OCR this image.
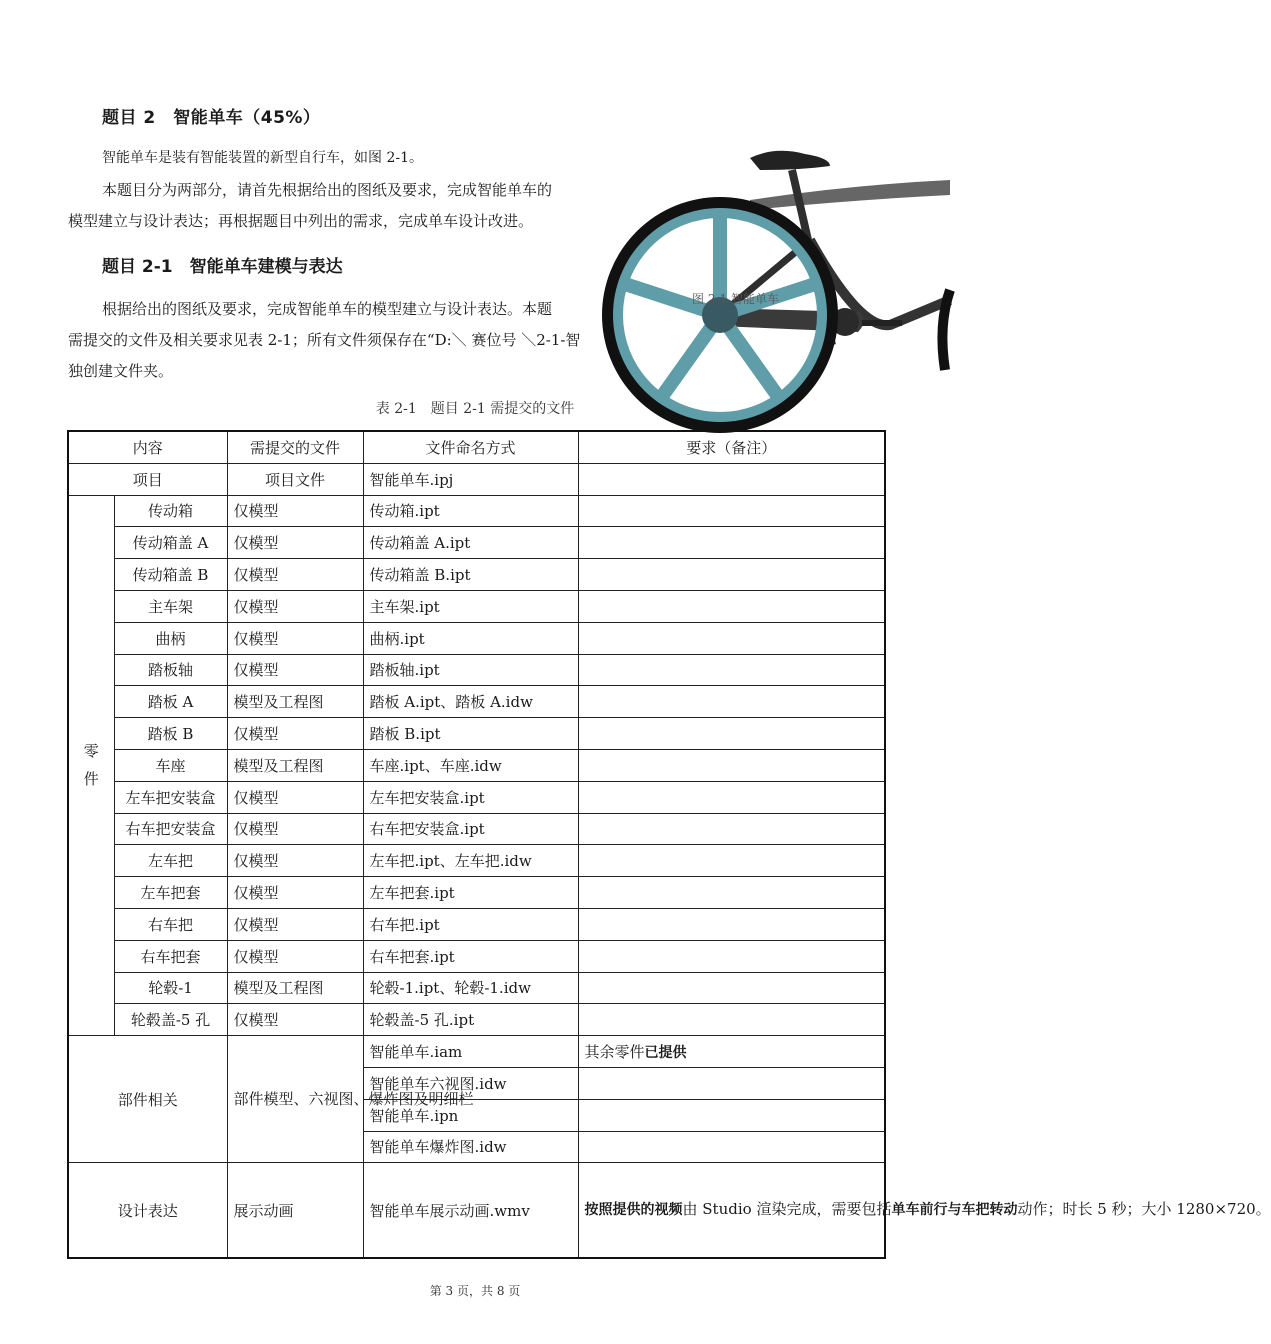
题目 2　智能单车（45%）
智能单车是装有智能装置的新型自行车，如图 2-1。
本题目分为两部分，请首先根据给出的图纸及要求，完成智能单车的
模型建立与设计表达；再根据题目中列出的需求，完成单车设计改进。
题目 2-1　智能单车建模与表达
根据给出的图纸及要求，完成智能单车的模型建立与设计表达。本题
需提交的文件及相关要求见表 2-1；所有文件须保存在“D:＼ 赛位号 ＼2-1-智
独创建文件夹。
图 2-1 智能单车
表 2-1　题目 2-1 需提交的文件
内容		需提交的文件	文件命名方式	要求（备注）
项目		项目文件	智能单车.ipj	

零
件	传动箱	仅模型	传动箱.ipt	
	传动箱盖 A	仅模型	传动箱盖 A.ipt	
	传动箱盖 B	仅模型	传动箱盖 B.ipt	
	主车架	仅模型	主车架.ipt	
	曲柄	仅模型	曲柄.ipt	
	踏板轴	仅模型	踏板轴.ipt	
	踏板 A	模型及工程图	踏板 A.ipt、踏板 A.idw	
	踏板 B	仅模型	踏板 B.ipt	
	车座	模型及工程图	车座.ipt、车座.idw	
	左车把安装盒	仅模型	左车把安装盒.ipt	
	右车把安装盒	仅模型	右车把安装盒.ipt	
	左车把	仅模型	左车把.ipt、左车把.idw	
	左车把套	仅模型	左车把套.ipt	
	右车把	仅模型	右车把.ipt	
	右车把套	仅模型	右车把套.ipt	
	轮毂-1	模型及工程图	轮毂-1.ipt、轮毂-1.idw	
	轮毂盖-5 孔	仅模型	轮毂盖-5 孔.ipt	
部件相关		部件模型、六视图、爆炸图及明细栏	智能单车.iam	其余零件已提供
			智能单车六视图.idw	
			智能单车.ipn	
			智能单车爆炸图.idw	
设计表达		展示动画	智能单车展示动画.wmv	按照提供的视频由 Studio 渲染完成，需要包括单车前行与车把转动动作；时长 5 秒；大小 1280×720。
第 3 页，共 8 页
